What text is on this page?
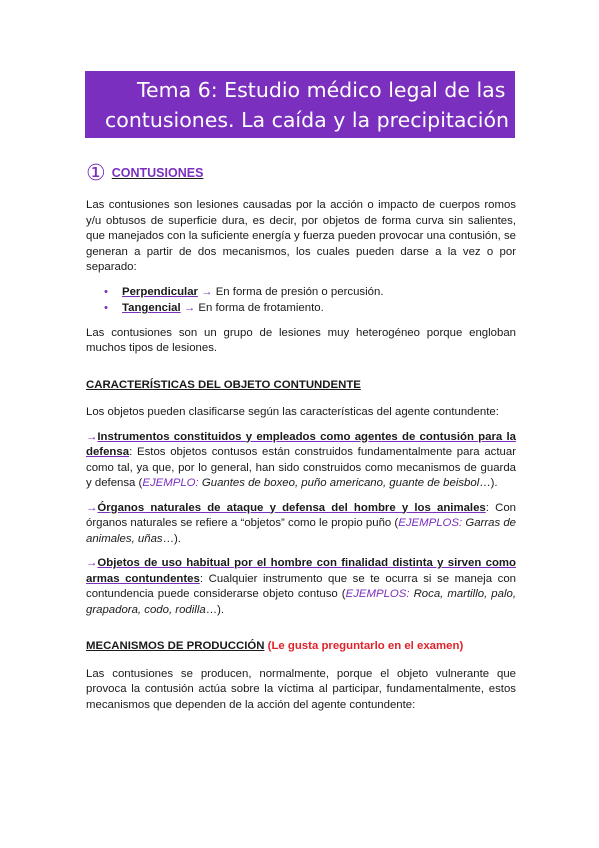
Tema 6: Estudio médico legal de las
contusiones. La caída y la precipitación
① CONTUSIONES

Las contusiones son lesiones causadas por la acción o impacto de cuerpos romos y/u obtusos de superficie dura, es decir, por objetos de forma curva sin salientes, que manejados con la suficiente energía y fuerza pueden provocar una contusión, se generan a partir de dos mecanismos, los cuales pueden darse a la vez o por separado:

• Perpendicular → En forma de presión o percusión.
• Tangencial → En forma de frotamiento.

Las contusiones son un grupo de lesiones muy heterogéneo porque engloban muchos tipos de lesiones.

CARACTERÍSTICAS DEL OBJETO CONTUNDENTE

Los objetos pueden clasificarse según las características del agente contundente:

→Instrumentos constituidos y empleados como agentes de contusión para la defensa: Estos objetos contusos están construidos fundamentalmente para actuar como tal, ya que, por lo general, han sido construidos como mecanismos de guarda y defensa (EJEMPLO: Guantes de boxeo, puño americano, guante de beisbol…).

→Órganos naturales de ataque y defensa del hombre y los animales: Con órganos naturales se refiere a “objetos” como le propio puño (EJEMPLOS: Garras de animales, uñas…).

→Objetos de uso habitual por el hombre con finalidad distinta y sirven como armas contundentes: Cualquier instrumento que se te ocurra si se maneja con contundencia puede considerarse objeto contuso (EJEMPLOS: Roca, martillo, palo, grapadora, codo, rodilla…).

MECANISMOS DE PRODUCCIÓN (Le gusta preguntarlo en el examen)

Las contusiones se producen, normalmente, porque el objeto vulnerante que provoca la contusión actúa sobre la víctima al participar, fundamentalmente, estos mecanismos que dependen de la acción del agente contundente:
